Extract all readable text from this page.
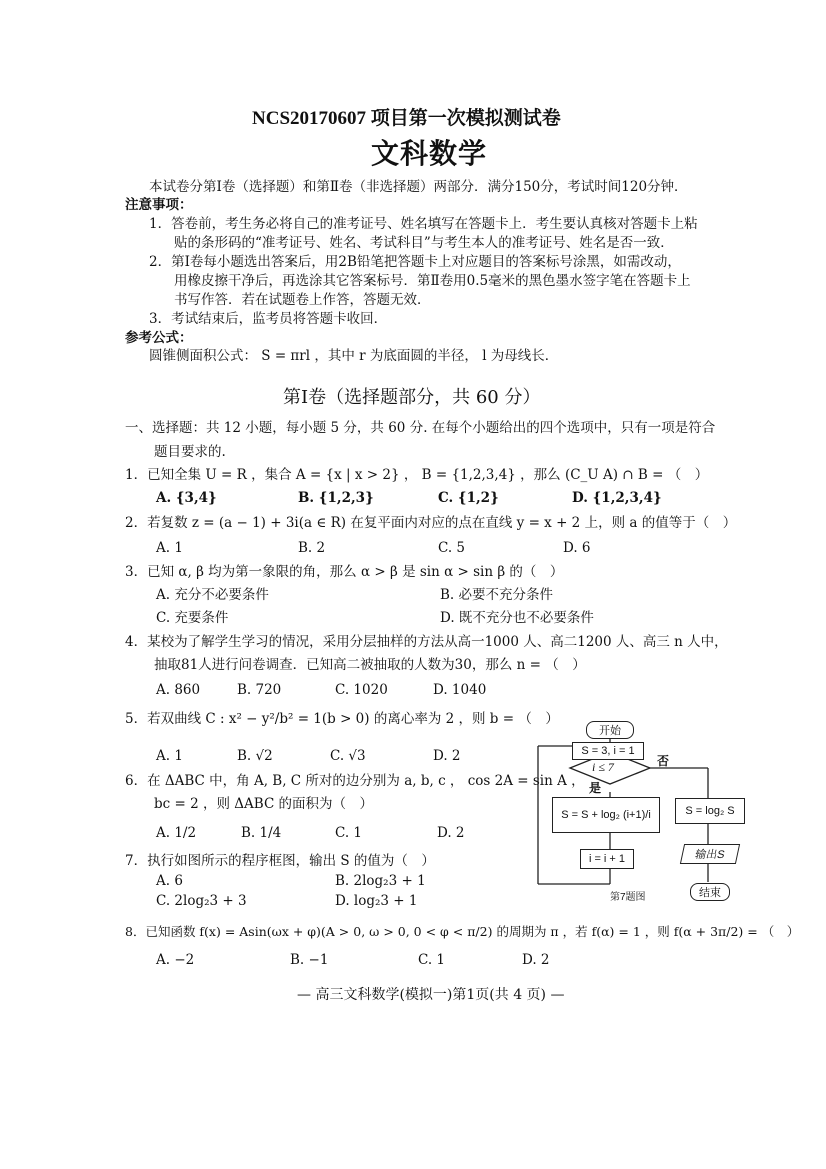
NCS20170607 项目第一次模拟测试卷
文科数学
本试卷分第Ⅰ卷（选择题）和第Ⅱ卷（非选择题）两部分．满分150分，考试时间120分钟．
注意事项：
1．答卷前，考生务必将自己的准考证号、姓名填写在答题卡上．考生要认真核对答题卡上粘
贴的条形码的“准考证号、姓名、考试科目”与考生本人的准考证号、姓名是否一致．
2．第Ⅰ卷每小题选出答案后，用2B铅笔把答题卡上对应题目的答案标号涂黑，如需改动，
用橡皮擦干净后，再选涂其它答案标号．第Ⅱ卷用0.5毫米的黑色墨水签字笔在答题卡上
书写作答．若在试题卷上作答，答题无效．
3．考试结束后，监考员将答题卡收回．
参考公式：
圆锥侧面积公式： S = πrl ，其中 r 为底面圆的半径， l 为母线长．
第Ⅰ卷（选择题部分，共 60 分）
一、选择题：共 12 小题，每小题 5 分，共 60 分. 在每个小题给出的四个选项中，只有一项是符合
题目要求的.
1．已知全集 U = R ，集合 A = {x | x > 2} ， B = {1,2,3,4} ，那么 (C_U A) ∩ B = （　）
A. {3,4}	B. {1,2,3}	C. {1,2}	D. {1,2,3,4}
2．若复数 z = (a − 1) + 3i(a ∈ R) 在复平面内对应的点在直线 y = x + 2 上，则 a 的值等于（　）
A. 1	B. 2	C. 5	D. 6
3．已知 α, β 均为第一象限的角，那么 α > β 是 sin α > sin β 的（　）
A. 充分不必要条件	B. 必要不充分条件
C. 充要条件	D. 既不充分也不必要条件
4．某校为了解学生学习的情况，采用分层抽样的方法从高一1000 人、高二1200 人、高三 n 人中，
抽取81人进行问卷调查．已知高二被抽取的人数为30，那么 n = （　）
A. 860	B. 720	C. 1020	D. 1040
5．若双曲线 C : x² − y²/b² = 1(b > 0) 的离心率为 2 ，则 b = （　）
A. 1	B. √2	C. √3	D. 2
6．在 ΔABC 中，角 A, B, C 所对的边分别为 a, b, c ， cos 2A = sin A ，
bc = 2 ，则 ΔABC 的面积为（　）
A. 1/2	B. 1/4	C. 1	D. 2
7．执行如图所示的程序框图，输出 S 的值为（　）
A. 6	B. 2log₂3 + 1
C. 2log₂3 + 3	D. log₂3 + 1
8．已知函数 f(x) = Asin(ωx + φ)(A > 0, ω > 0, 0 < φ < π/2) 的周期为 π ，若 f(α) = 1 ，则 f(α + 3π/2) = （　）
A. −2	B. −1	C. 1	D. 2
开始
S = 3, i = 1
i ≤ 7	否
是
S = S + log₂ (i+1)/i
i = i + 1
S = log₂ S
输出S
结束
第7题图
— 高三文科数学(模拟一)第1页(共 4 页) —
